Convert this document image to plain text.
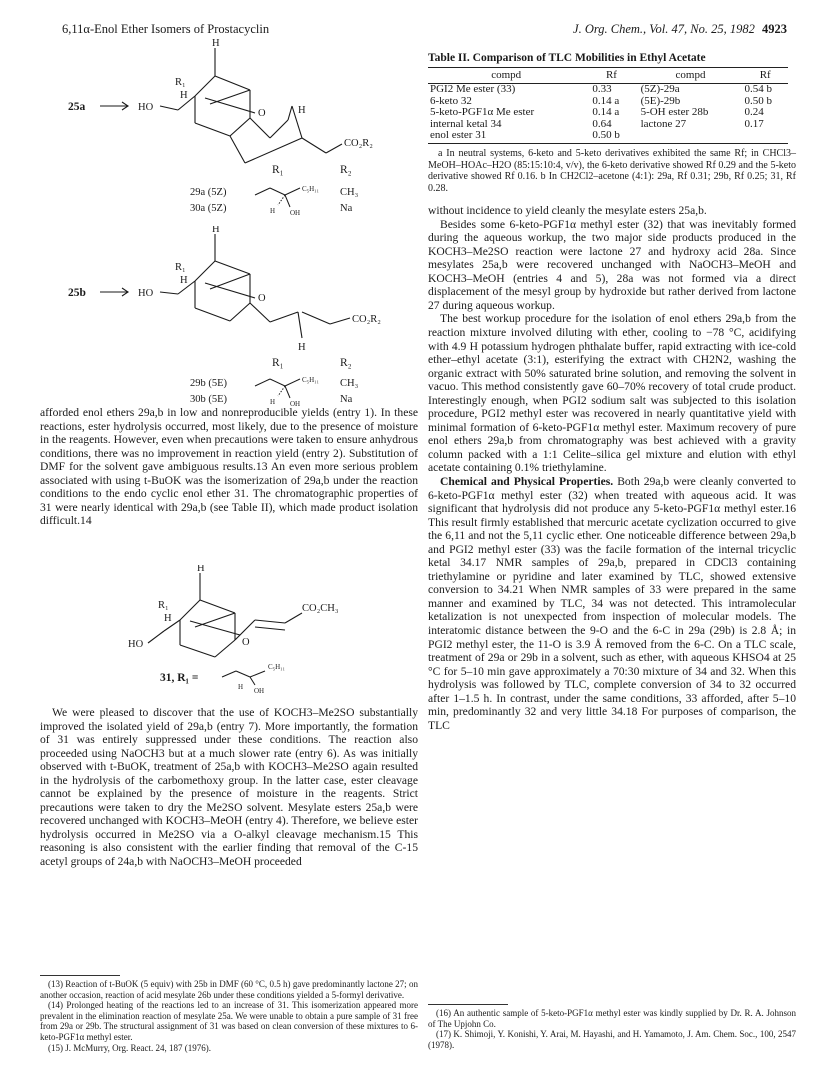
6,11α-Enol Ether Isomers of Prostacyclin	J. Org. Chem., Vol. 47, No. 25, 1982 4923
H
R₁
H
HO
O	H
CO₂R₂
25a
R₁	R₂
29a (5Z)	C₅H₁₁
H OH
CH₃
30a (5Z)	Na
H
R₁
H
HO	O
H
CO₂R₂
25b
R₁	R₂
29b (5E)	C₅H₁₁
H OH
CH₃
30b (5E)	Na

afforded enol ethers 29a,b in low and nonreproducible yields (entry 1). In these reactions, ester hydrolysis occurred, most likely, due to the presence of moisture in the reagents. However, even when precautions were taken to ensure anhydrous conditions, there was no improvement in reaction yield (entry 2). Substitution of DMF for the solvent gave ambiguous results.13 An even more serious problem associated with using t-BuOK was the isomerization of 29a,b under the reaction conditions to the endo cyclic enol ether 31. The chromatographic properties of 31 were nearly identical with 29a,b (see Table II), which made product isolation difficult.14

H
R₁
H
HO	O
CO₂CH₃
31, R₁ =
C₅H₁₁
H OH

We were pleased to discover that the use of KOCH3–Me2SO substantially improved the isolated yield of 29a,b (entry 7). More importantly, the formation of 31 was entirely suppressed under these conditions. The reaction also proceeded using NaOCH3 but at a much slower rate (entry 6). As was initially observed with t-BuOK, treatment of 25a,b with KOCH3–Me2SO again resulted in the hydrolysis of the carbomethoxy group. In the latter case, ester cleavage cannot be explained by the presence of moisture in the reagents. Strict precautions were taken to dry the Me2SO solvent. Mesylate esters 25a,b were recovered unchanged with KOCH3–MeOH (entry 4). Therefore, we believe ester hydrolysis occurred in Me2SO via a O-alkyl cleavage mechanism.15 This reasoning is also consistent with the earlier finding that removal of the C-15 acetyl groups of 24a,b with NaOCH3–MeOH proceeded

(13) Reaction of t-BuOK (5 equiv) with 25b in DMF (60 °C, 0.5 h) gave predominantly lactone 27; on another occasion, reaction of acid mesylate 26b under these conditions yielded a 5-formyl derivative.

(14) Prolonged heating of the reactions led to an increase of 31. This isomerization appeared more prevalent in the elimination reaction of mesylate 25a. We were unable to obtain a pure sample of 31 free from 29a or 29b. The structural assignment of 31 was based on clean conversion of these mixtures to 6-keto-PGF1α methyl ester.

(15) J. McMurry, Org. React. 24, 187 (1976).

Table II. Comparison of TLC Mobilities in Ethyl Acetate
compd	Rf	compd	Rf
PGI2 Me ester (33)	0.33	(5Z)-29a	0.54 b
6-keto 32	0.14 a	(5E)-29b	0.50 b
5-keto-PGF1α Me ester	0.14 a	5-OH ester 28b	0.24
internal ketal 34	0.64	lactone 27	0.17
enol ester 31	0.50 b		

a In neutral systems, 6-keto and 5-keto derivatives exhibited the same Rf; in CHCl3–MeOH–HOAc–H2O (85:15:10:4, v/v), the 6-keto derivative showed Rf 0.29 and the 5-keto derivative showed Rf 0.16. b In CH2Cl2–acetone (4:1): 29a, Rf 0.31; 29b, Rf 0.25; 31, Rf 0.28.

without incidence to yield cleanly the mesylate esters 25a,b.

Besides some 6-keto-PGF1α methyl ester (32) that was inevitably formed during the aqueous workup, the two major side products produced in the KOCH3–Me2SO reaction were lactone 27 and hydroxy acid 28a. Since mesylates 25a,b were recovered unchanged with NaOCH3–MeOH and KOCH3–MeOH (entries 4 and 5), 28a was not formed via a direct displacement of the mesyl group by hydroxide but rather derived from lactone 27 during aqueous workup.

The best workup procedure for the isolation of enol ethers 29a,b from the reaction mixture involved diluting with ether, cooling to −78 °C, acidifying with 4.9 H potassium hydrogen phthalate buffer, rapid extracting with ice-cold ether–ethyl acetate (3:1), esterifying the extract with CH2N2, washing the organic extract with 50% saturated brine solution, and removing the solvent in vacuo. This method consistently gave 60–70% recovery of total crude product. Interestingly enough, when PGI2 sodium salt was subjected to this isolation procedure, PGI2 methyl ester was recovered in nearly quantitative yield with minimal formation of 6-keto-PGF1α methyl ester. Maximum recovery of pure enol ethers 29a,b from chromatography was best achieved with a gravity column packed with a 1:1 Celite–silica gel mixture and elution with ethyl acetate containing 0.1% triethylamine.

Chemical and Physical Properties. Both 29a,b were cleanly converted to 6-keto-PGF1α methyl ester (32) when treated with aqueous acid. It was significant that hydrolysis did not produce any 5-keto-PGF1α methyl ester.16 This result firmly established that mercuric acetate cyclization occurred to give the 6,11 and not the 5,11 cyclic ether. One noticeable difference between 29a,b and PGI2 methyl ester (33) was the facile formation of the internal tricyclic ketal 34.17 NMR samples of 29a,b, prepared in CDCl3 containing triethylamine or pyridine and later examined by TLC, showed extensive conversion to 34.21 When NMR samples of 33 were prepared in the same manner and examined by TLC, 34 was not detected. This intramolecular ketalization is not unexpected from inspection of molecular models. The interatomic distance between the 9-O and the 6-C in 29a (29b) is 2.8 Å; in PGI2 methyl ester, the 11-O is 3.9 Å removed from the 6-C. On a TLC scale, treatment of 29a or 29b in a solvent, such as ether, with aqueous KHSO4 at 25 °C for 5–10 min gave approximately a 70:30 mixture of 34 and 32. When this hydrolysis was followed by TLC, complete conversion of 34 to 32 occurred after 1–1.5 h. In contrast, under the same conditions, 33 afforded, after 5–10 min, predominantly 32 and very little 34.18 For purposes of comparison, the TLC

(16) An authentic sample of 5-keto-PGF1α methyl ester was kindly supplied by Dr. R. A. Johnson of The Upjohn Co.

(17) K. Shimoji, Y. Konishi, Y. Arai, M. Hayashi, and H. Yamamoto, J. Am. Chem. Soc., 100, 2547 (1978).
